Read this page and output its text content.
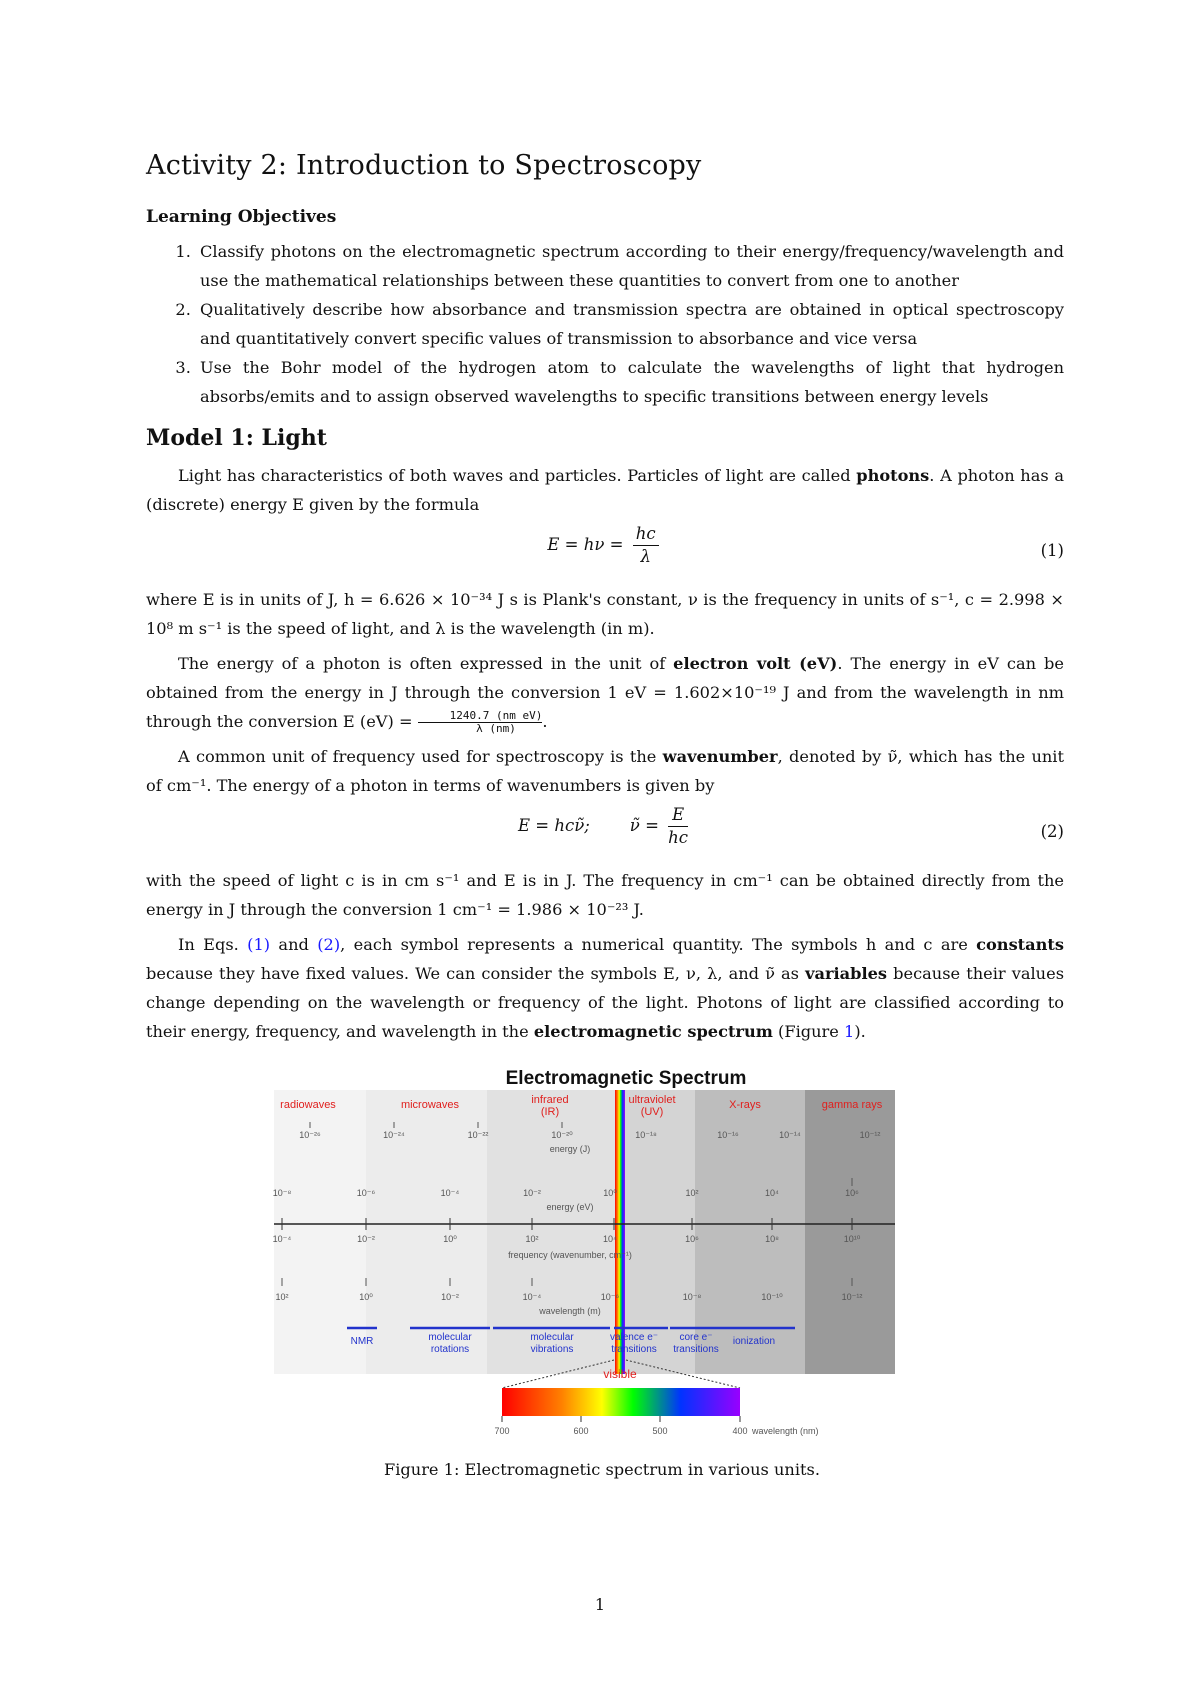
Activity 2: Introduction to Spectroscopy
Learning Objectives
1. Classify photons on the electromagnetic spectrum according to their energy/frequency/wavelength and use the mathematical relationships between these quantities to convert from one to another
2. Qualitatively describe how absorbance and transmission spectra are obtained in optical spectroscopy and quantitatively convert specific values of transmission to absorbance and vice versa
3. Use the Bohr model of the hydrogen atom to calculate the wavelengths of light that hydrogen absorbs/emits and to assign observed wavelengths to specific transitions between energy levels
Model 1: Light

Light has characteristics of both waves and particles. Particles of light are called photons. A photon has a (discrete) energy E given by the formula

$E = h\nu = \frac{hc}{\lambda}$	(1)

where E is in units of J, h = 6.626 × 10⁻³⁴ J s is Plank's constant, ν is the frequency in units of s⁻¹, c = 2.998 × 10⁸ m s⁻¹ is the speed of light, and λ is the wavelength (in m).

The energy of a photon is often expressed in the unit of electron volt (eV). The energy in eV can be obtained from the energy in J through the conversion 1 eV = 1.602×10⁻¹⁹ J and from the wavelength in nm through the conversion E $(eV) = \frac{\text{1240.7 (nm eV)}}{\lambda (nm)}$ .

A common unit of frequency used for spectroscopy is the wavenumber, denoted by ν̃, which has the unit of cm⁻¹. The energy of a photon in terms of wavenumbers is given by

E = hcν̃; ν̃ = $\frac{E}{hc}$	(2)

with the speed of light c is in cm s⁻¹ and E is in J. The frequency in cm⁻¹ can be obtained directly from the energy in J through the conversion 1 cm⁻¹ = 1.986 × 10⁻²³ J.

In Eqs. (1) and (2), each symbol represents a numerical quantity. The symbols h and c are constants because they have fixed values. We can consider the symbols E, ν, λ, and ν̃ as variables because their values change depending on the wavelength or frequency of the light. Photons of light are classified according to their energy, frequency, and wavelength in the electromagnetic spectrum (Figure 1).

Electromagnetic Spectrum
radiowaves	microwaves	infrared
(IR)
ultraviolet
(UV)
X-rays	gamma rays
10⁻²⁶	10⁻²⁴	10⁻²²	10⁻²⁰	10⁻¹⁸	10⁻¹⁶	10⁻¹⁴	10⁻¹²
energy (J)
10⁻⁸	10⁻⁶	10⁻⁴	10⁻²	10⁰	10²	10⁴	10⁶
energy (eV)
10⁻⁴	10⁻²	10⁰	10²	10⁴	10⁶	10⁸	10¹⁰
frequency (wavenumber, cm⁻¹)
10²	10⁰	10⁻²	10⁻⁴	10⁻⁶	10⁻⁸	10⁻¹⁰	10⁻¹²
wavelength (m)
NMR	molecular
rotations
molecular
vibrations
valence e⁻
transitions
core e⁻
transitions
ionization
visible
700	600	500	400 wavelength (nm)
Figure 1: Electromagnetic spectrum in various units.
1
